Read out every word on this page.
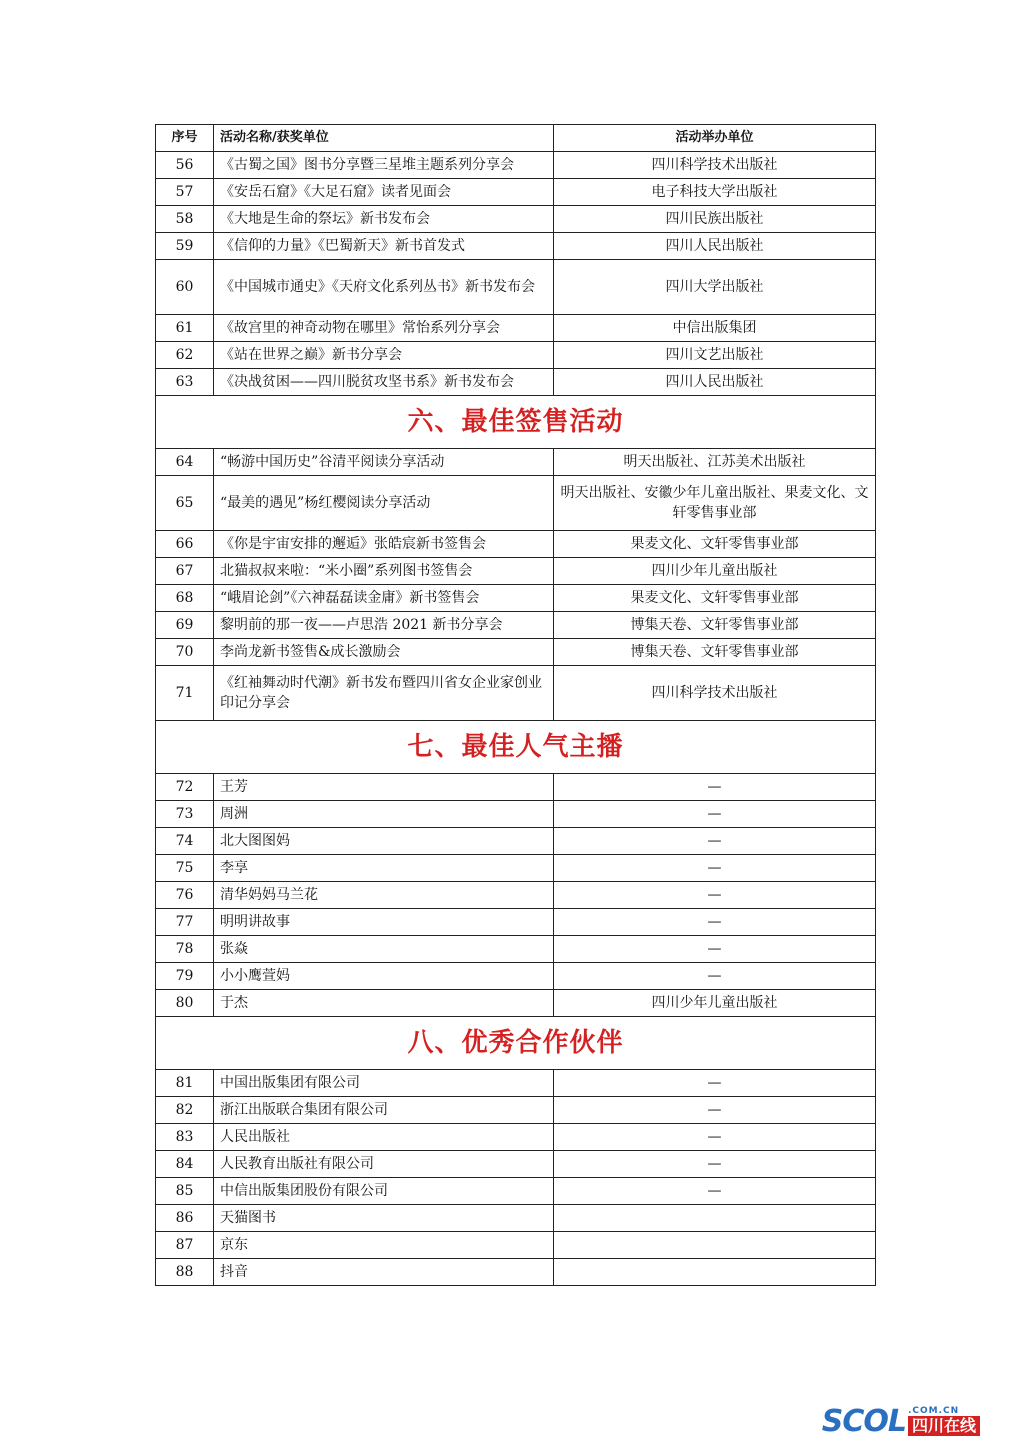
序号	活动名称/获奖单位	活动举办单位
56	《古蜀之国》图书分享暨三星堆主题系列分享会	四川科学技术出版社
57	《安岳石窟》《大足石窟》读者见面会	电子科技大学出版社
58	《大地是生命的祭坛》新书发布会	四川民族出版社
59	《信仰的力量》《巴蜀新天》新书首发式	四川人民出版社
60	《中国城市通史》《天府文化系列丛书》新书发布会	四川大学出版社
61	《故宫里的神奇动物在哪里》常怡系列分享会	中信出版集团
62	《站在世界之巅》新书分享会	四川文艺出版社
63	《决战贫困——四川脱贫攻坚书系》新书发布会	四川人民出版社
六、最佳签售活动		
64	“畅游中国历史”谷清平阅读分享活动	明天出版社、江苏美术出版社
65	“最美的遇见”杨红樱阅读分享活动	明天出版社、安徽少年儿童出版社、果麦文化、文轩零售事业部
66	《你是宇宙安排的邂逅》张皓宸新书签售会	果麦文化、文轩零售事业部
67	北猫叔叔来啦：“米小圈”系列图书签售会	四川少年儿童出版社
68	“峨眉论剑”《六神磊磊读金庸》新书签售会	果麦文化、文轩零售事业部
69	黎明前的那一夜——卢思浩 2021 新书分享会	博集天卷、文轩零售事业部
70	李尚龙新书签售&成长激励会	博集天卷、文轩零售事业部
71	《红袖舞动时代潮》新书发布暨四川省女企业家创业印记分享会	四川科学技术出版社
七、最佳人气主播		
72	王芳	—
73	周洲	—
74	北大图图妈	—
75	李享	—
76	清华妈妈马兰花	—
77	明明讲故事	—
78	张焱	—
79	小小鹰萱妈	—
80	于杰	四川少年儿童出版社
八、优秀合作伙伴		
81	中国出版集团有限公司	—
82	浙江出版联合集团有限公司	—
83	人民出版社	—
84	人民教育出版社有限公司	—
85	中信出版集团股份有限公司	—
86	天猫图书	
87	京东	
88	抖音	
SCOL .COM.CN
四川在线
